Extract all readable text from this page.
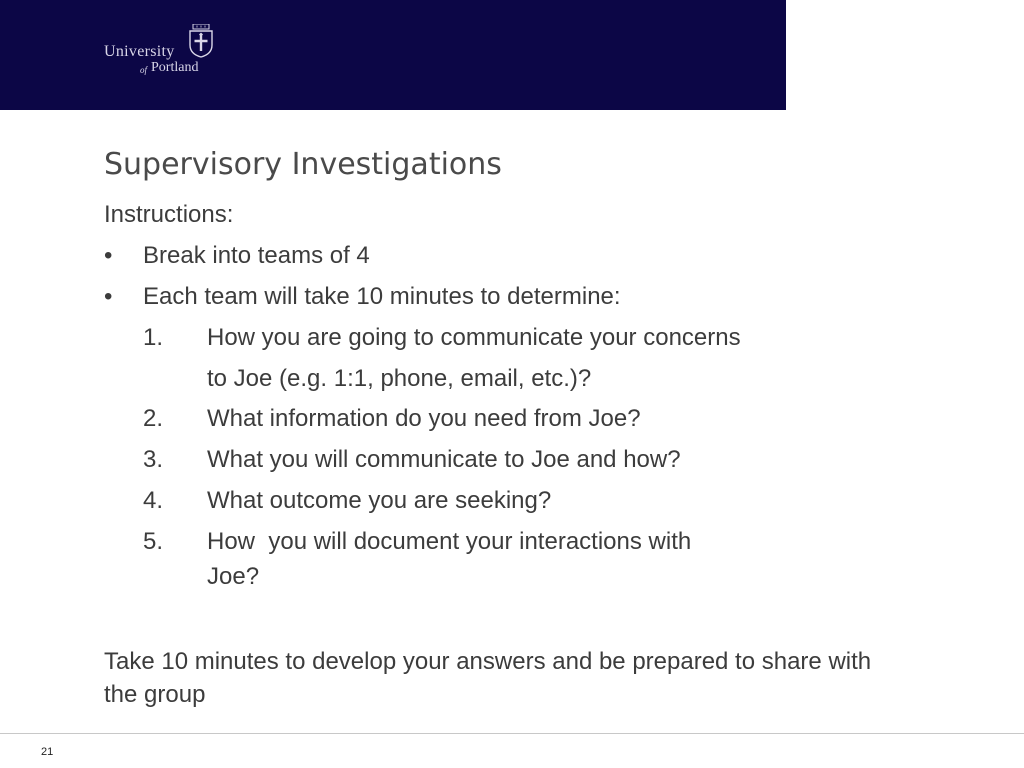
University
of Portland
Supervisory Investigations
Instructions:
• Break into teams of 4
• Each team will take 10 minutes to determine:
1. How you are going to communicate your concerns
to Joe (e.g. 1:1, phone, email, etc.)?
2. What information do you need from Joe?
3. What you will communicate to Joe and how?
4. What outcome you are seeking?
5. How  you will document your interactions with
Joe?
Take 10 minutes to develop your answers and be prepared to share with the group
21
